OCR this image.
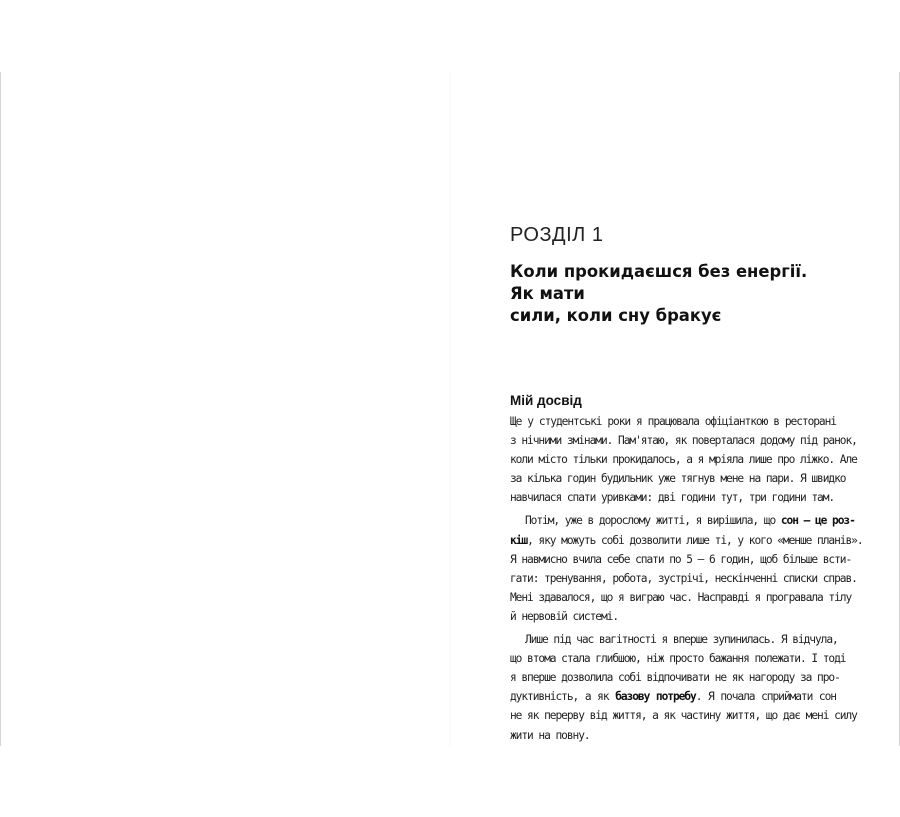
РОЗДІЛ 1
Коли прокидаєшся без енергії. Як мати
сили, коли сну бракує
Мій досвід

Ще у студентські роки я працювала офіціанткою в ресторані
з нічними змінами. Пам'ятаю, як поверталася додому під ранок,
коли місто тільки прокидалось, а я мріяла лише про ліжко. Але
за кілька годин будильник уже тягнув мене на пари. Я швидко
навчилася спати уривками: дві години тут, три години там.

Потім, уже в дорослому житті, я вирішила, що сон – це роз-
кіш, яку можуть собі дозволити лише ті, у кого «менше планів».
Я навмисно вчила себе спати по 5 – 6 годин, щоб більше всти-
гати: тренування, робота, зустрічі, нескінченні списки справ.
Мені здавалося, що я виграю час. Насправді я програвала тілу
й нервовій системі.

Лише під час вагітності я вперше зупинилась. Я відчула,
що втома стала глибшою, ніж просто бажання полежати. І тоді
я вперше дозволила собі відпочивати не як нагороду за про-
дуктивність, а як базову потребу. Я почала сприймати сон
не як перерву від життя, а як частину життя, що дає мені силу
жити на повну.
